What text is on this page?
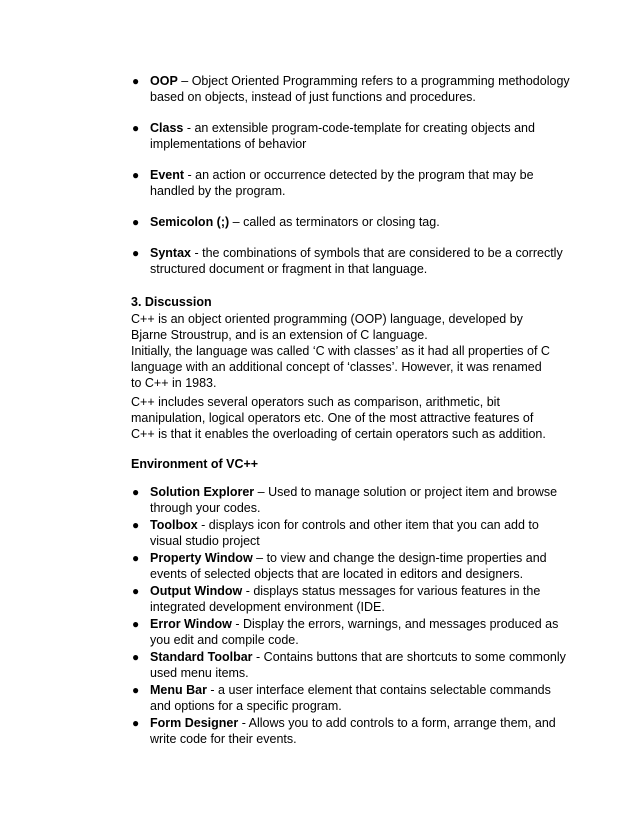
● OOP – Object Oriented Programming refers to a programming methodology based on objects, instead of just functions and procedures.
● Class - an extensible program-code-template for creating objects and implementations of behavior
● Event - an action or occurrence detected by the program that may be handled by the program.
● Semicolon (;) – called as terminators or closing tag.
● Syntax - the combinations of symbols that are considered to be a correctly structured document or fragment in that language.
3. Discussion

C++ is an object oriented programming (OOP) language, developed by Bjarne Stroustrup, and is an extension of C language.

Initially, the language was called ‘C with classes’ as it had all properties of C language with an additional concept of ‘classes’. However, it was renamed to C++ in 1983.

C++ includes several operators such as comparison, arithmetic, bit manipulation, logical operators etc. One of the most attractive features of C++ is that it enables the overloading of certain operators such as addition.

Environment of VC++
● Solution Explorer – Used to manage solution or project item and browse through your codes.
● Toolbox - displays icon for controls and other item that you can add to visual studio project
● Property Window – to view and change the design-time properties and events of selected objects that are located in editors and designers.
● Output Window - displays status messages for various features in the integrated development environment (IDE.
● Error Window - Display the errors, warnings, and messages produced as you edit and compile code.
● Standard Toolbar - Contains buttons that are shortcuts to some commonly used menu items.
● Menu Bar - a user interface element that contains selectable commands and options for a specific program.
● Form Designer - Allows you to add controls to a form, arrange them, and write code for their events.
